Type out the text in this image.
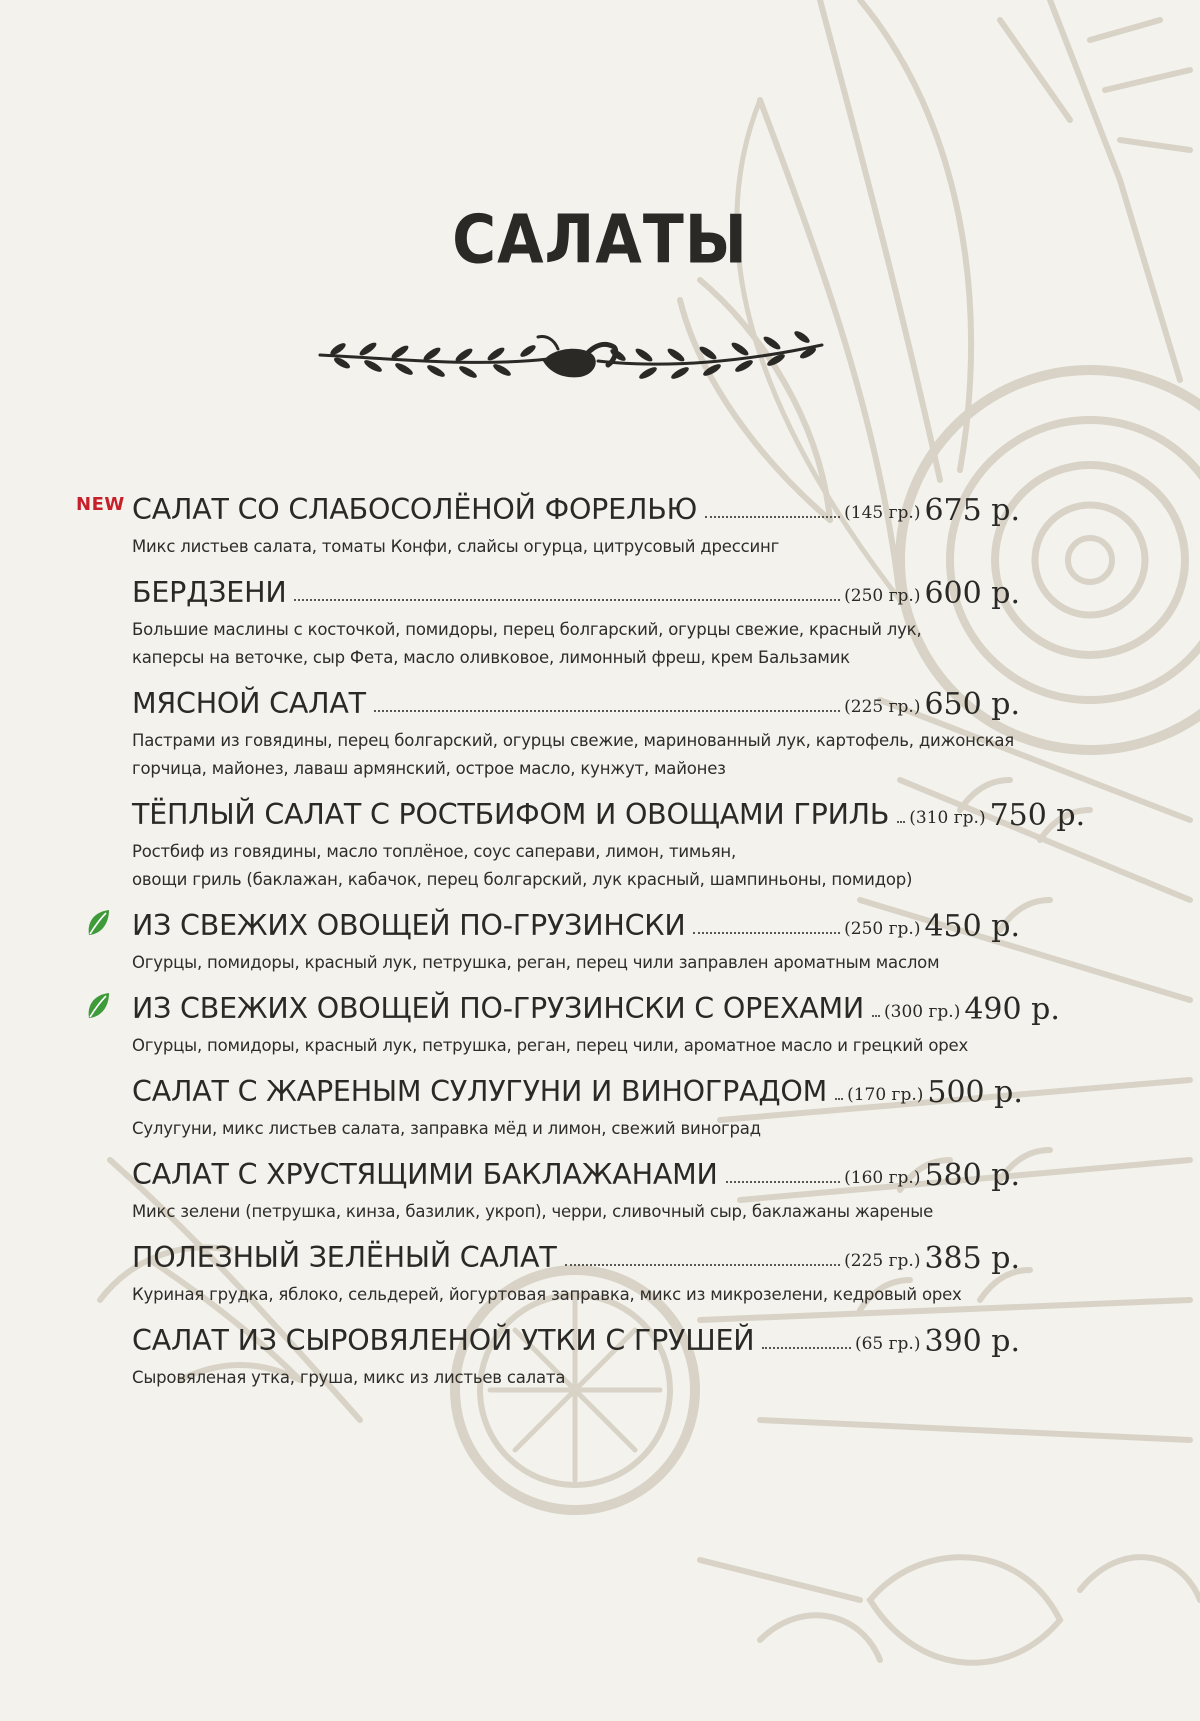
САЛАТЫ
САЛАТ СО СЛАБОСОЛЁНОЙ ФОРЕЛЬЮ	(145 гр.) 675 р.
Микс листьев салата, томаты Конфи, слайсы огурца, цитрусовый дрессинг
NEW
БЕРДЗЕНИ	(250 гр.) 600 р.
Большие маслины с косточкой, помидоры, перец болгарский, огурцы свежие, красный лук,
каперсы на веточке, сыр Фета, масло оливковое, лимонный фреш, крем Бальзамик
МЯСНОЙ САЛАТ	(225 гр.) 650 р.
Пастрами из говядины, перец болгарский, огурцы свежие, маринованный лук, картофель, дижонская
горчица, майонез, лаваш армянский, острое масло, кунжут, майонез
ТЁПЛЫЙ САЛАТ С РОСТБИФОМ И ОВОЩАМИ ГРИЛЬ (310 гр.) 750 р.
Ростбиф из говядины, масло топлёное, соус саперави, лимон, тимьян,
овощи гриль (баклажан, кабачок, перец болгарский, лук красный, шампиньоны, помидор)
ИЗ СВЕЖИХ ОВОЩЕЙ ПО-ГРУЗИНСКИ	(250 гр.) 450 р.
Огурцы, помидоры, красный лук, петрушка, реган, перец чили заправлен ароматным маслом
ИЗ СВЕЖИХ ОВОЩЕЙ ПО-ГРУЗИНСКИ С ОРЕХАМИ (300 гр.) 490 р.
Огурцы, помидоры, красный лук, петрушка, реган, перец чили, ароматное масло и грецкий орех
САЛАТ С ЖАРЕНЫМ СУЛУГУНИ И ВИНОГРАДОМ (170 гр.) 500 р.
Сулугуни, микс листьев салата, заправка мёд и лимон, свежий виноград
САЛАТ С ХРУСТЯЩИМИ БАКЛАЖАНАМИ	(160 гр.) 580 р.
Микс зелени (петрушка, кинза, базилик, укроп), черри, сливочный сыр, баклажаны жареные
ПОЛЕЗНЫЙ ЗЕЛЁНЫЙ САЛАТ	(225 гр.) 385 р.
Куриная грудка, яблоко, сельдерей, йогуртовая заправка, микс из микрозелени, кедровый орех
САЛАТ ИЗ СЫРОВЯЛЕНОЙ УТКИ С ГРУШЕЙ	(65 гр.) 390 р.
Сыровяленая утка, груша, микс из листьев салата
